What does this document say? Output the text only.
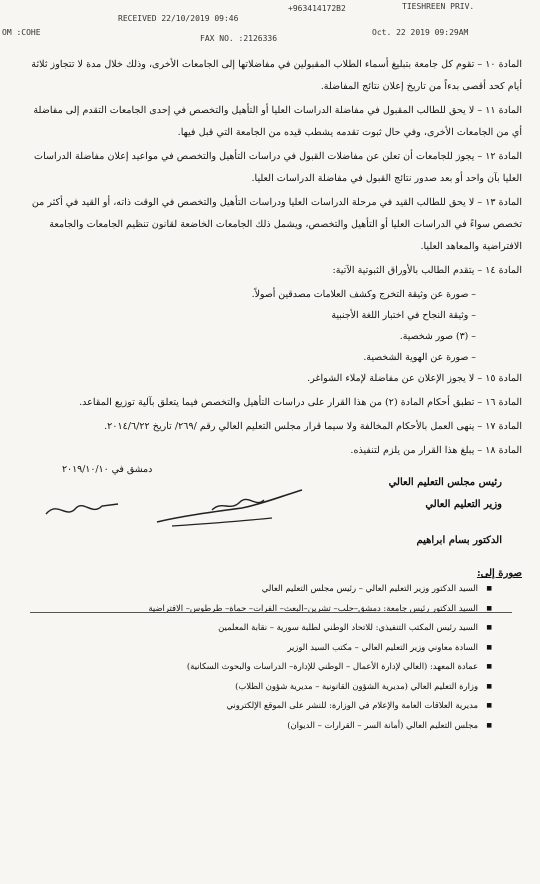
OM :COHE
RECEIVED 22/10/2019 09:46
+963414172B2	TIESHREEN PRIV.
Oct. 22 2019 09:29AM
FAX NO. :2126336

المادة ١٠ – تقوم كل جامعة بتبليغ أسماء الطلاب المقبولين في مفاضلاتها إلى الجامعات الأخرى، وذلك خلال مدة لا تتجاوز ثلاثة أيام كحد أقصى بدءاً من تاريخ إعلان نتائج المفاضلة.

المادة ١١ – لا يحق للطالب المقبول في مفاضلة الدراسات العليا أو التأهيل والتخصص في إحدى الجامعات التقدم إلى مفاضلة أي من الجامعات الأخرى، وفي حال ثبوت تقدمه يشطب قيده من الجامعة التي قبل فيها.

المادة ١٢ – يجوز للجامعات أن تعلن عن مفاضلات القبول في دراسات التأهيل والتخصص في مواعيد إعلان مفاضلة الدراسات العليا بآن واحد أو بعد صدور نتائج القبول في مفاضلة الدراسات العليا.

المادة ١٣ – لا يحق للطالب القيد في مرحلة الدراسات العليا ودراسات التأهيل والتخصص في الوقت ذاته، أو القيد في أكثر من تخصص سواءً في الدراسات العليا أو التأهيل والتخصص، ويشمل ذلك الجامعات الخاضعة لقانون تنظيم الجامعات والجامعة الافتراضية والمعاهد العليا.

المادة ١٤ – يتقدم الطالب بالأوراق الثبوتية الآتية:

– صورة عن وثيقة التخرج وكشف العلامات مصدقين أصولاً.
– وثيقة النجاح في اختبار اللغة الأجنبية
– (٣) صور شخصية.
– صورة عن الهوية الشخصية.

المادة ١٥ – لا يجوز الإعلان عن مفاضلة لإملاء الشواغر.

المادة ١٦ – تطبق أحكام المادة (٢) من هذا القرار على دراسات التأهيل والتخصص فيما يتعلق بآلية توزيع المقاعد.

المادة ١٧ – ينهى العمل بالأحكام المخالفة ولا سيما قرار مجلس التعليم العالي رقم /٢٦٩/ تاريخ ٢٠١٤/٦/٢٢.

المادة ١٨ – يبلغ هذا القرار من يلزم لتنفيذه.

دمشق في ٢٠١٩/١٠/١٠
رئيس مجلس التعليم العالي
وزير التعليم العالي
الدكتور بسام ابراهيم
صورة إلى:
■ السيد الدكتور وزير التعليم العالي – رئيس مجلس التعليم العالي
■ السيد الدكتور رئيس جامعة: دمشق–حلب– تشرين–البعث– الفرات– حماة– طرطوس– الافتراضية
■ السيد رئيس المكتب التنفيذي: للاتحاد الوطني لطلبة سورية – نقابة المعلمين
■ السادة معاوني وزير التعليم العالي – مكتب السيد الوزير
■ عمادة المعهد: (العالي لإدارة الأعمال – الوطني للإدارة– الدراسات والبحوث السكانية)
■ وزارة التعليم العالي (مديرية الشؤون القانونية – مديرية شؤون الطلاب)
■ مديرية العلاقات العامة والإعلام في الوزارة: للنشر على الموقع الإلكتروني
■ مجلس التعليم العالي (أمانة السر – القرارات – الديوان)
